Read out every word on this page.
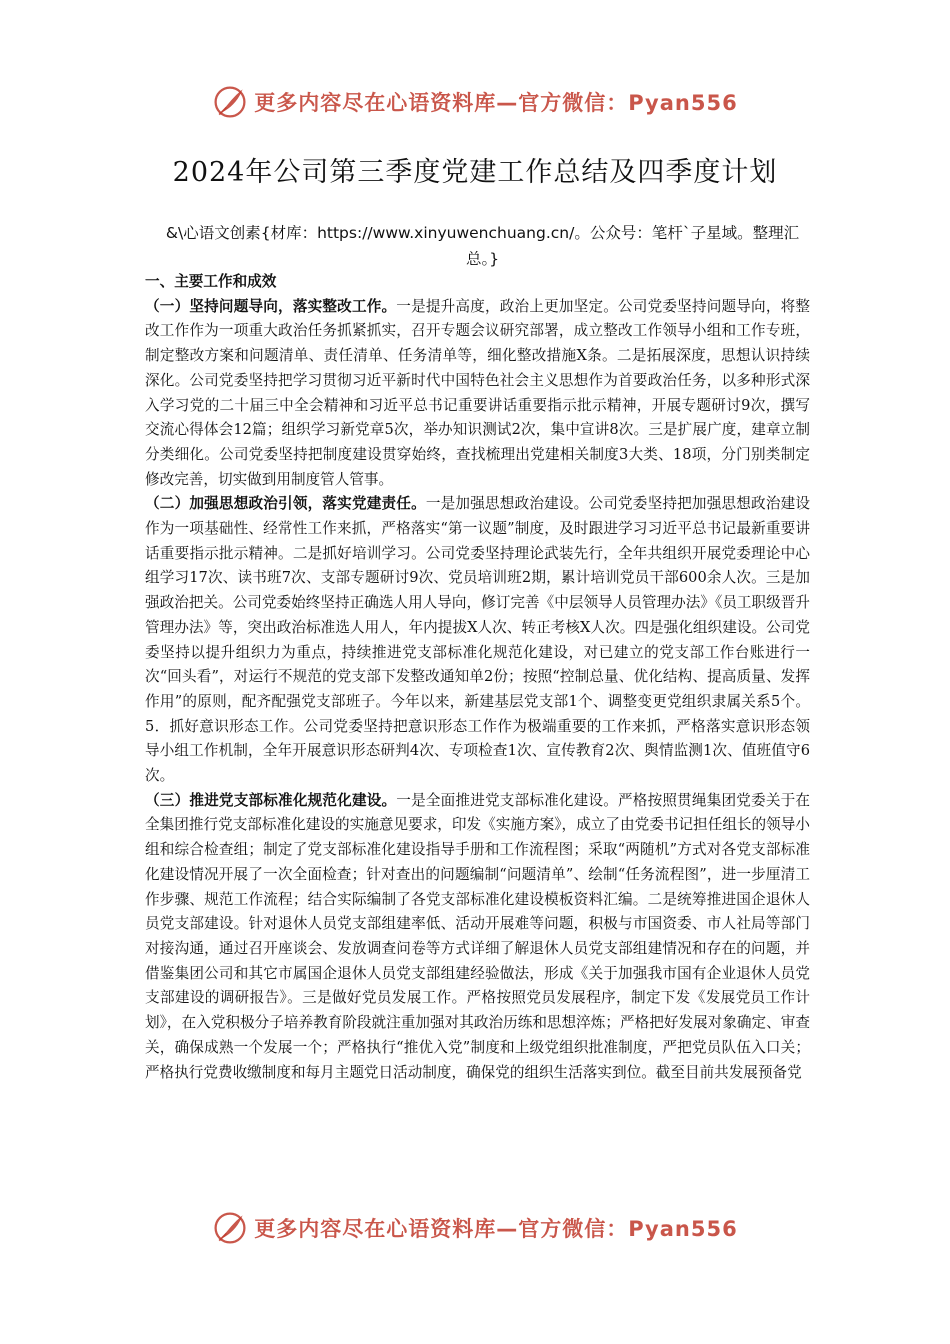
更多内容尽在心语资料库—官方微信：Pyan556
2024年公司第三季度党建工作总结及四季度计划
&\心语文创素{材库：https://www.xinyuwenchuang.cn/。公众号：笔杆`子星域。整理汇总。}
一、主要工作和成效

（一）坚持问题导向，落实整改工作。一是提升高度，政治上更加坚定。公司党委坚持问题导向，将整改工作作为一项重大政治任务抓紧抓实，召开专题会议研究部署，成立整改工作领导小组和工作专班，制定整改方案和问题清单、责任清单、任务清单等，细化整改措施X条。二是拓展深度，思想认识持续深化。公司党委坚持把学习贯彻习近平新时代中国特色社会主义思想作为首要政治任务，以多种形式深入学习党的二十届三中全会精神和习近平总书记重要讲话重要指示批示精神，开展专题研讨9次，撰写交流心得体会12篇；组织学习新党章5次，举办知识测试2次，集中宣讲8次。三是扩展广度，建章立制分类细化。公司党委坚持把制度建设贯穿始终，查找梳理出党建相关制度3大类、18项，分门别类制定修改完善，切实做到用制度管人管事。

（二）加强思想政治引领，落实党建责任。一是加强思想政治建设。公司党委坚持把加强思想政治建设作为一项基础性、经常性工作来抓，严格落实“第一议题”制度，及时跟进学习习近平总书记最新重要讲话重要指示批示精神。二是抓好培训学习。公司党委坚持理论武装先行，全年共组织开展党委理论中心组学习17次、读书班7次、支部专题研讨9次、党员培训班2期，累计培训党员干部600余人次。三是加强政治把关。公司党委始终坚持正确选人用人导向，修订完善《中层领导人员管理办法》《员工职级晋升管理办法》等，突出政治标准选人用人，年内提拔X人次、转正考核X人次。四是强化组织建设。公司党委坚持以提升组织力为重点，持续推进党支部标准化规范化建设，对已建立的党支部工作台账进行一次“回头看”，对运行不规范的党支部下发整改通知单2份；按照“控制总量、优化结构、提高质量、发挥作用”的原则，配齐配强党支部班子。今年以来，新建基层党支部1个、调整变更党组织隶属关系5个。5．抓好意识形态工作。公司党委坚持把意识形态工作作为极端重要的工作来抓，严格落实意识形态领导小组工作机制，全年开展意识形态研判4次、专项检查1次、宣传教育2次、舆情监测1次、值班值守6次。

（三）推进党支部标准化规范化建设。一是全面推进党支部标准化建设。严格按照贯绳集团党委关于在全集团推行党支部标准化建设的实施意见要求，印发《实施方案》，成立了由党委书记担任组长的领导小组和综合检查组；制定了党支部标准化建设指导手册和工作流程图；采取“两随机”方式对各党支部标准化建设情况开展了一次全面检查；针对查出的问题编制“问题清单”、绘制“任务流程图”，进一步厘清工作步骤、规范工作流程；结合实际编制了各党支部标准化建设模板资料汇编。二是统筹推进国企退休人员党支部建设。针对退休人员党支部组建率低、活动开展难等问题，积极与市国资委、市人社局等部门对接沟通，通过召开座谈会、发放调查问卷等方式详细了解退休人员党支部组建情况和存在的问题，并借鉴集团公司和其它市属国企退休人员党支部组建经验做法，形成《关于加强我市国有企业退休人员党支部建设的调研报告》。三是做好党员发展工作。严格按照党员发展程序，制定下发《发展党员工作计划》，在入党积极分子培养教育阶段就注重加强对其政治历练和思想淬炼；严格把好发展对象确定、审查关，确保成熟一个发展一个；严格执行“推优入党”制度和上级党组织批准制度，严把党员队伍入口关；严格执行党费收缴制度和每月主题党日活动制度，确保党的组织生活落实到位。截至目前共发展预备党

更多内容尽在心语资料库—官方微信：Pyan556
